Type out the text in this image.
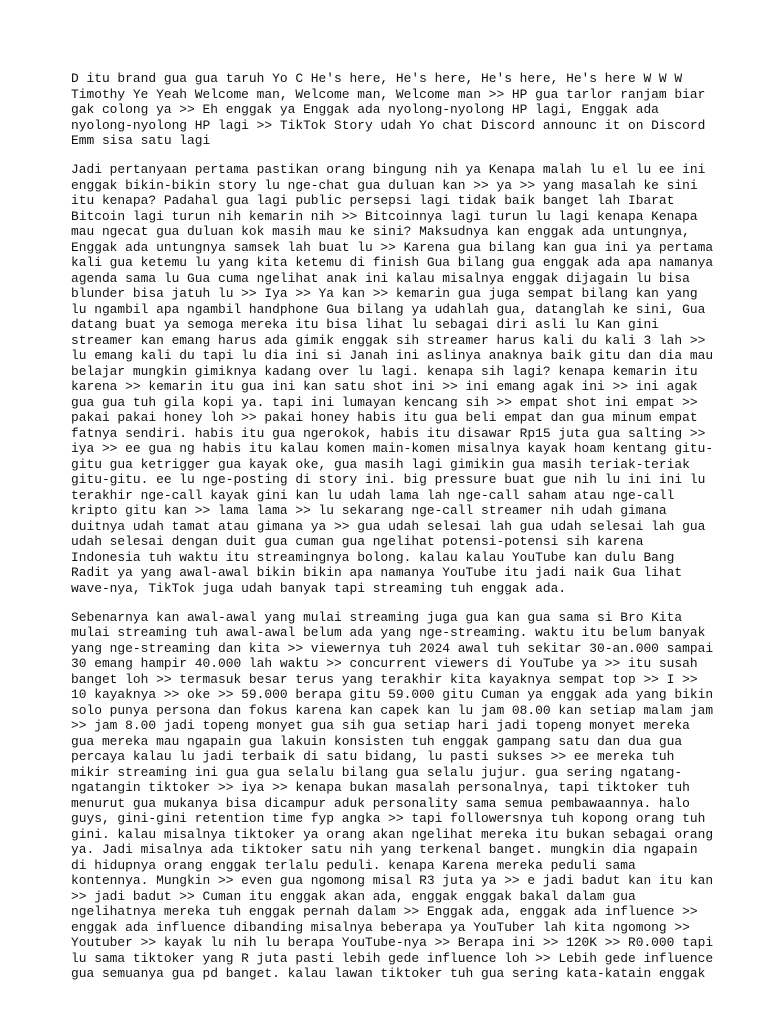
D itu brand gua gua taruh Yo C He's here, He's here, He's here, He's here W W W
Timothy Ye Yeah Welcome man, Welcome man, Welcome man >> HP gua tarlor ranjam biar
gak colong ya >> Eh enggak ya Enggak ada nyolong-nyolong HP lagi, Enggak ada
nyolong-nyolong HP lagi >> TikTok Story udah Yo chat Discord announc it on Discord
Emm sisa satu lagi

Jadi pertanyaan pertama pastikan orang bingung nih ya Kenapa malah lu el lu ee ini
enggak bikin-bikin story lu nge-chat gua duluan kan >> ya >> yang masalah ke sini
itu kenapa? Padahal gua lagi public persepsi lagi tidak baik banget lah Ibarat
Bitcoin lagi turun nih kemarin nih >> Bitcoinnya lagi turun lu lagi kenapa Kenapa
mau ngecat gua duluan kok masih mau ke sini? Maksudnya kan enggak ada untungnya,
Enggak ada untungnya samsek lah buat lu >> Karena gua bilang kan gua ini ya pertama
kali gua ketemu lu yang kita ketemu di finish Gua bilang gua enggak ada apa namanya
agenda sama lu Gua cuma ngelihat anak ini kalau misalnya enggak dijagain lu bisa
blunder bisa jatuh lu >> Iya >> Ya kan >> kemarin gua juga sempat bilang kan yang
lu ngambil apa ngambil handphone Gua bilang ya udahlah gua, datanglah ke sini, Gua
datang buat ya semoga mereka itu bisa lihat lu sebagai diri asli lu Kan gini
streamer kan emang harus ada gimik enggak sih streamer harus kali du kali 3 lah >>
lu emang kali du tapi lu dia ini si Janah ini aslinya anaknya baik gitu dan dia mau
belajar mungkin gimiknya kadang over lu lagi. kenapa sih lagi? kenapa kemarin itu
karena >> kemarin itu gua ini kan satu shot ini >> ini emang agak ini >> ini agak
gua gua tuh gila kopi ya. tapi ini lumayan kencang sih >> empat shot ini empat >>
pakai pakai honey loh >> pakai honey habis itu gua beli empat dan gua minum empat
fatnya sendiri. habis itu gua ngerokok, habis itu disawar Rp15 juta gua salting >>
iya >> ee gua ng habis itu kalau komen main-komen misalnya kayak hoam kentang gitu-
gitu gua ketrigger gua kayak oke, gua masih lagi gimikin gua masih teriak-teriak
gitu-gitu. ee lu nge-posting di story ini. big pressure buat gue nih lu ini ini lu
terakhir nge-call kayak gini kan lu udah lama lah nge-call saham atau nge-call
kripto gitu kan >> lama lama >> lu sekarang nge-call streamer nih udah gimana
duitnya udah tamat atau gimana ya >> gua udah selesai lah gua udah selesai lah gua
udah selesai dengan duit gua cuman gua ngelihat potensi-potensi sih karena
Indonesia tuh waktu itu streamingnya bolong. kalau kalau YouTube kan dulu Bang
Radit ya yang awal-awal bikin bikin apa namanya YouTube itu jadi naik Gua lihat
wave-nya, TikTok juga udah banyak tapi streaming tuh enggak ada.

Sebenarnya kan awal-awal yang mulai streaming juga gua kan gua sama si Bro Kita
mulai streaming tuh awal-awal belum ada yang nge-streaming. waktu itu belum banyak
yang nge-streaming dan kita >> viewernya tuh 2024 awal tuh sekitar 30-an.000 sampai
30 emang hampir 40.000 lah waktu >> concurrent viewers di YouTube ya >> itu susah
banget loh >> termasuk besar terus yang terakhir kita kayaknya sempat top >> I >>
10 kayaknya >> oke >> 59.000 berapa gitu 59.000 gitu Cuman ya enggak ada yang bikin
solo punya persona dan fokus karena kan capek kan lu jam 08.00 kan setiap malam jam
>> jam 8.00 jadi topeng monyet gua sih gua setiap hari jadi topeng monyet mereka
gua mereka mau ngapain gua lakuin konsisten tuh enggak gampang satu dan dua gua
percaya kalau lu jadi terbaik di satu bidang, lu pasti sukses >> ee mereka tuh
mikir streaming ini gua gua selalu bilang gua selalu jujur. gua sering ngatang-
ngatangin tiktoker >> iya >> kenapa bukan masalah personalnya, tapi tiktoker tuh
menurut gua mukanya bisa dicampur aduk personality sama semua pembawaannya. halo
guys, gini-gini retention time fyp angka >> tapi followersnya tuh kopong orang tuh
gini. kalau misalnya tiktoker ya orang akan ngelihat mereka itu bukan sebagai orang
ya. Jadi misalnya ada tiktoker satu nih yang terkenal banget. mungkin dia ngapain
di hidupnya orang enggak terlalu peduli. kenapa Karena mereka peduli sama
kontennya. Mungkin >> even gua ngomong misal R3 juta ya >> e jadi badut kan itu kan
>> jadi badut >> Cuman itu enggak akan ada, enggak enggak bakal dalam gua
ngelihatnya mereka tuh enggak pernah dalam >> Enggak ada, enggak ada influence >>
enggak ada influence dibanding misalnya beberapa ya YouTuber lah kita ngomong >>
Youtuber >> kayak lu nih lu berapa YouTube-nya >> Berapa ini >> 120K >> R0.000 tapi
lu sama tiktoker yang R juta pasti lebih gede influence loh >> Lebih gede influence
gua semuanya gua pd banget. kalau lawan tiktoker tuh gua sering kata-katain enggak
